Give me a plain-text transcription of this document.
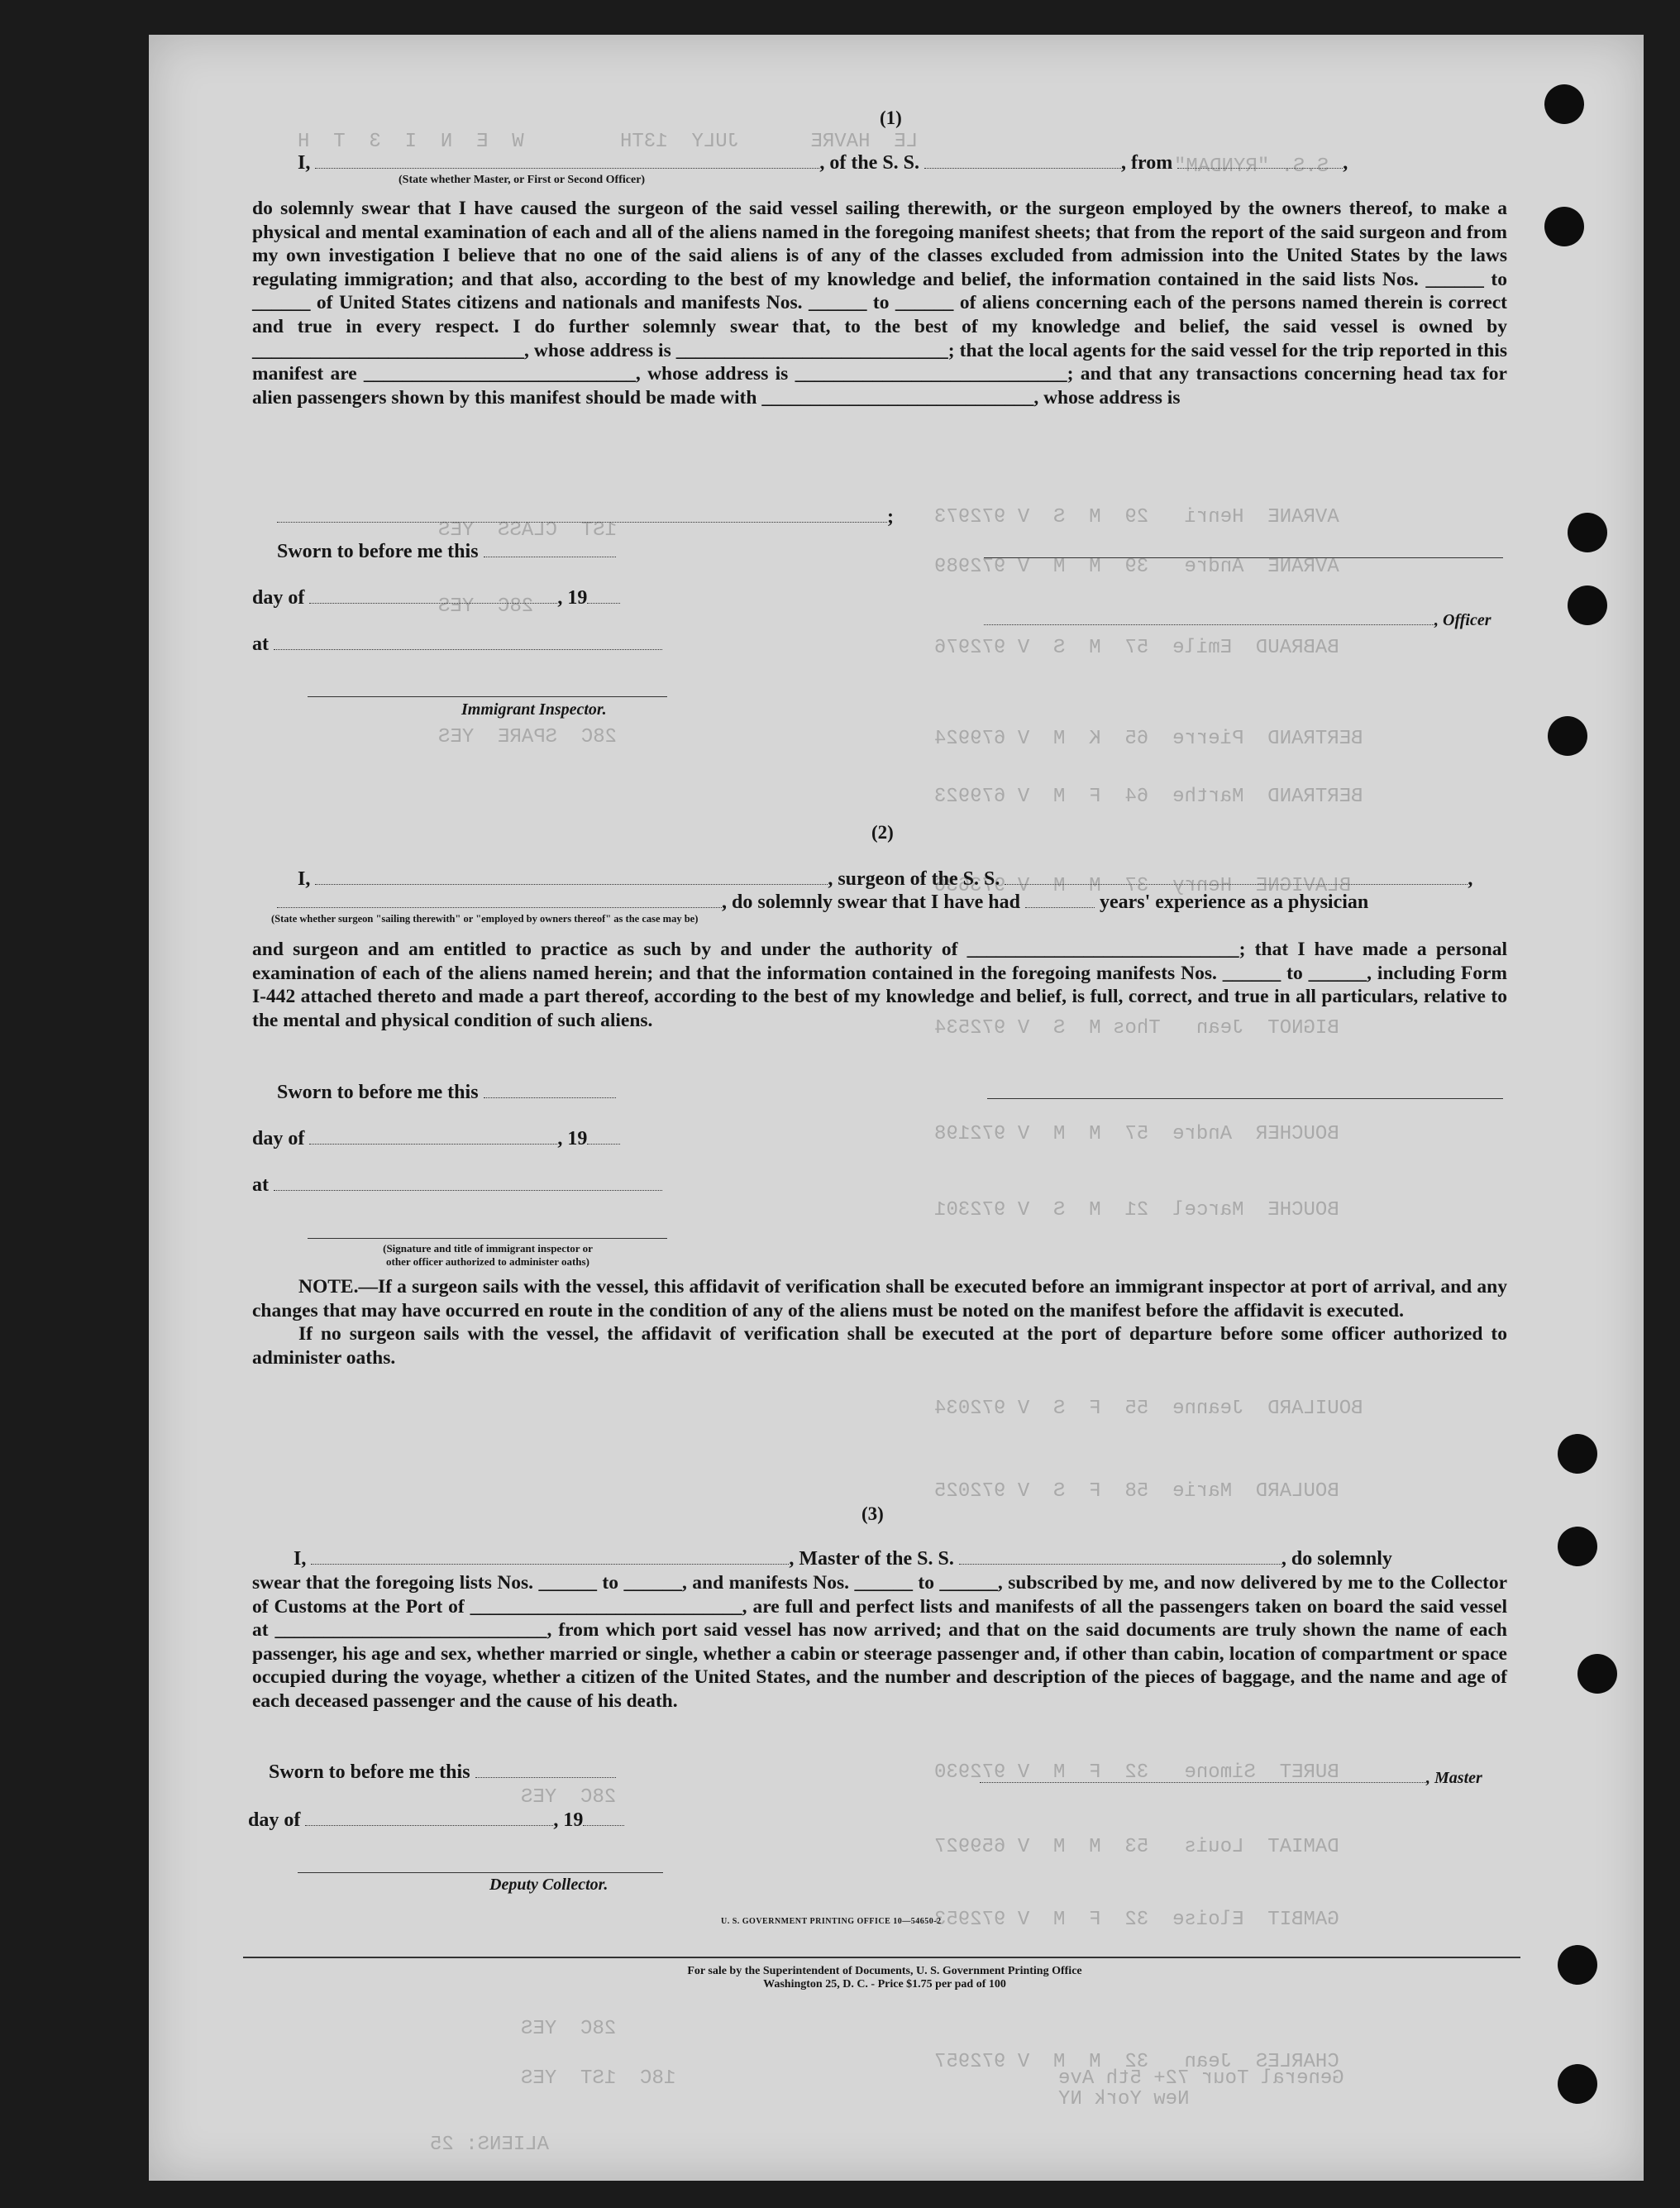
W  E  N  I  3  T  H	LE  HAVRE      JULY  13TH
S.S. "RYNDAM"
AVRANE  Henri   29  M  S  V 972973
AVRANE  Andre   39  M  M  V 972989
BABRAUD  Emile  57  M  S  V 972976
BERTRAND  Pierre  65  K  M  V 679924
BERTRAND  Marthe  64  F  M  V 679923
BLAVIGNE  Henry  37  M  M  V 973636
BIGNOT  Jean   Thos M  S  V 972534
BOUCHER  Andre  57  M  M  V 972198
BOUCHE  Marcel  21  M  S  V 972301
BOUILARD  Jeanne  55  F  S  V 972034
BOULARD  Marie  58  F  S  V 972025
BURET  Simone   32  F  M  V 972930
DAMIAT  Louis   53  M  M  V 659927
GAMBIT  Eloise  32  F  M  V 972953
CHARLES  Jean   32  M  M  V 972957
General Tour 72+ 5th Ave
New York NY
ALIENS: 25
1ST  CLASS  YES
28C  YES
28C  SPARE  YES
28C  YES
28C  YES
18C  1ST  YES
(1)
I,	, of the S. S.	, from	,
(State whether Master, or First or Second Officer)

do solemnly swear that I have caused the surgeon of the said vessel sailing therewith, or the surgeon employed by the owners thereof, to make a physical and mental examination of each and all of the aliens named in the foregoing manifest sheets; that from the report of the said surgeon and from my own investigation I believe that no one of the said aliens is of any of the classes excluded from admission into the United States by the laws regulating immigration; and that also, according to the best of my knowledge and belief, the information contained in the said lists Nos. ______ to ______ of United States citizens and nationals and manifests Nos. ______ to ______ of aliens concerning each of the persons named therein is correct and true in every respect. I do further solemnly swear that, to the best of my knowledge and belief, the said vessel is owned by ____________________________, whose address is ____________________________; that the local agents for the said vessel for the trip reported in this manifest are ____________________________, whose address is ____________________________; and that any transactions concerning head tax for alien passengers shown by this manifest should be made with ____________________________, whose address is

;
Sworn to before me this
day of	, 19
at
Immigrant Inspector.
, Officer
(2)
I,	, surgeon of the S. S.	,
, do solemnly swear that I have had	years' experience as a physician
(State whether surgeon "sailing therewith" or "employed by owners thereof" as the case may be)

and surgeon and am entitled to practice as such by and under the authority of ____________________________; that I have made a personal examination of each of the aliens named herein; and that the information contained in the foregoing manifests Nos. ______ to ______, including Form I-442 attached thereto and made a part thereof, according to the best of my knowledge and belief, is full, correct, and true in all particulars, relative to the mental and physical condition of such aliens.

Sworn to before me this
day of	, 19
at
(Signature and title of immigrant inspector or
other officer authorized to administer oaths)

NOTE.—If a surgeon sails with the vessel, this affidavit of verification shall be executed before an immigrant inspector at port of arrival, and any changes that may have occurred en route in the condition of any of the aliens must be noted on the manifest before the affidavit is executed.

If no surgeon sails with the vessel, the affidavit of verification shall be executed at the port of departure before some officer authorized to administer oaths.

(3)
I,	, Master of the S. S.	, do solemnly

swear that the foregoing lists Nos. ______ to ______, and manifests Nos. ______ to ______, subscribed by me, and now delivered by me to the Collector of Customs at the Port of ____________________________, are full and perfect lists and manifests of all the passengers taken on board the said vessel at ____________________________, from which port said vessel has now arrived; and that on the said documents are truly shown the name of each passenger, his age and sex, whether married or single, whether a cabin or steerage passenger and, if other than cabin, location of compartment or space occupied during the voyage, whether a citizen of the United States, and the number and description of the pieces of baggage, and the name and age of each deceased passenger and the cause of his death.

Sworn to before me this	, Master
day of	, 19
Deputy Collector.
U. S. GOVERNMENT PRINTING OFFICE 10—54650-2
For sale by the Superintendent of Documents, U. S. Government Printing Office
Washington 25, D. C. - Price $1.75 per pad of 100
